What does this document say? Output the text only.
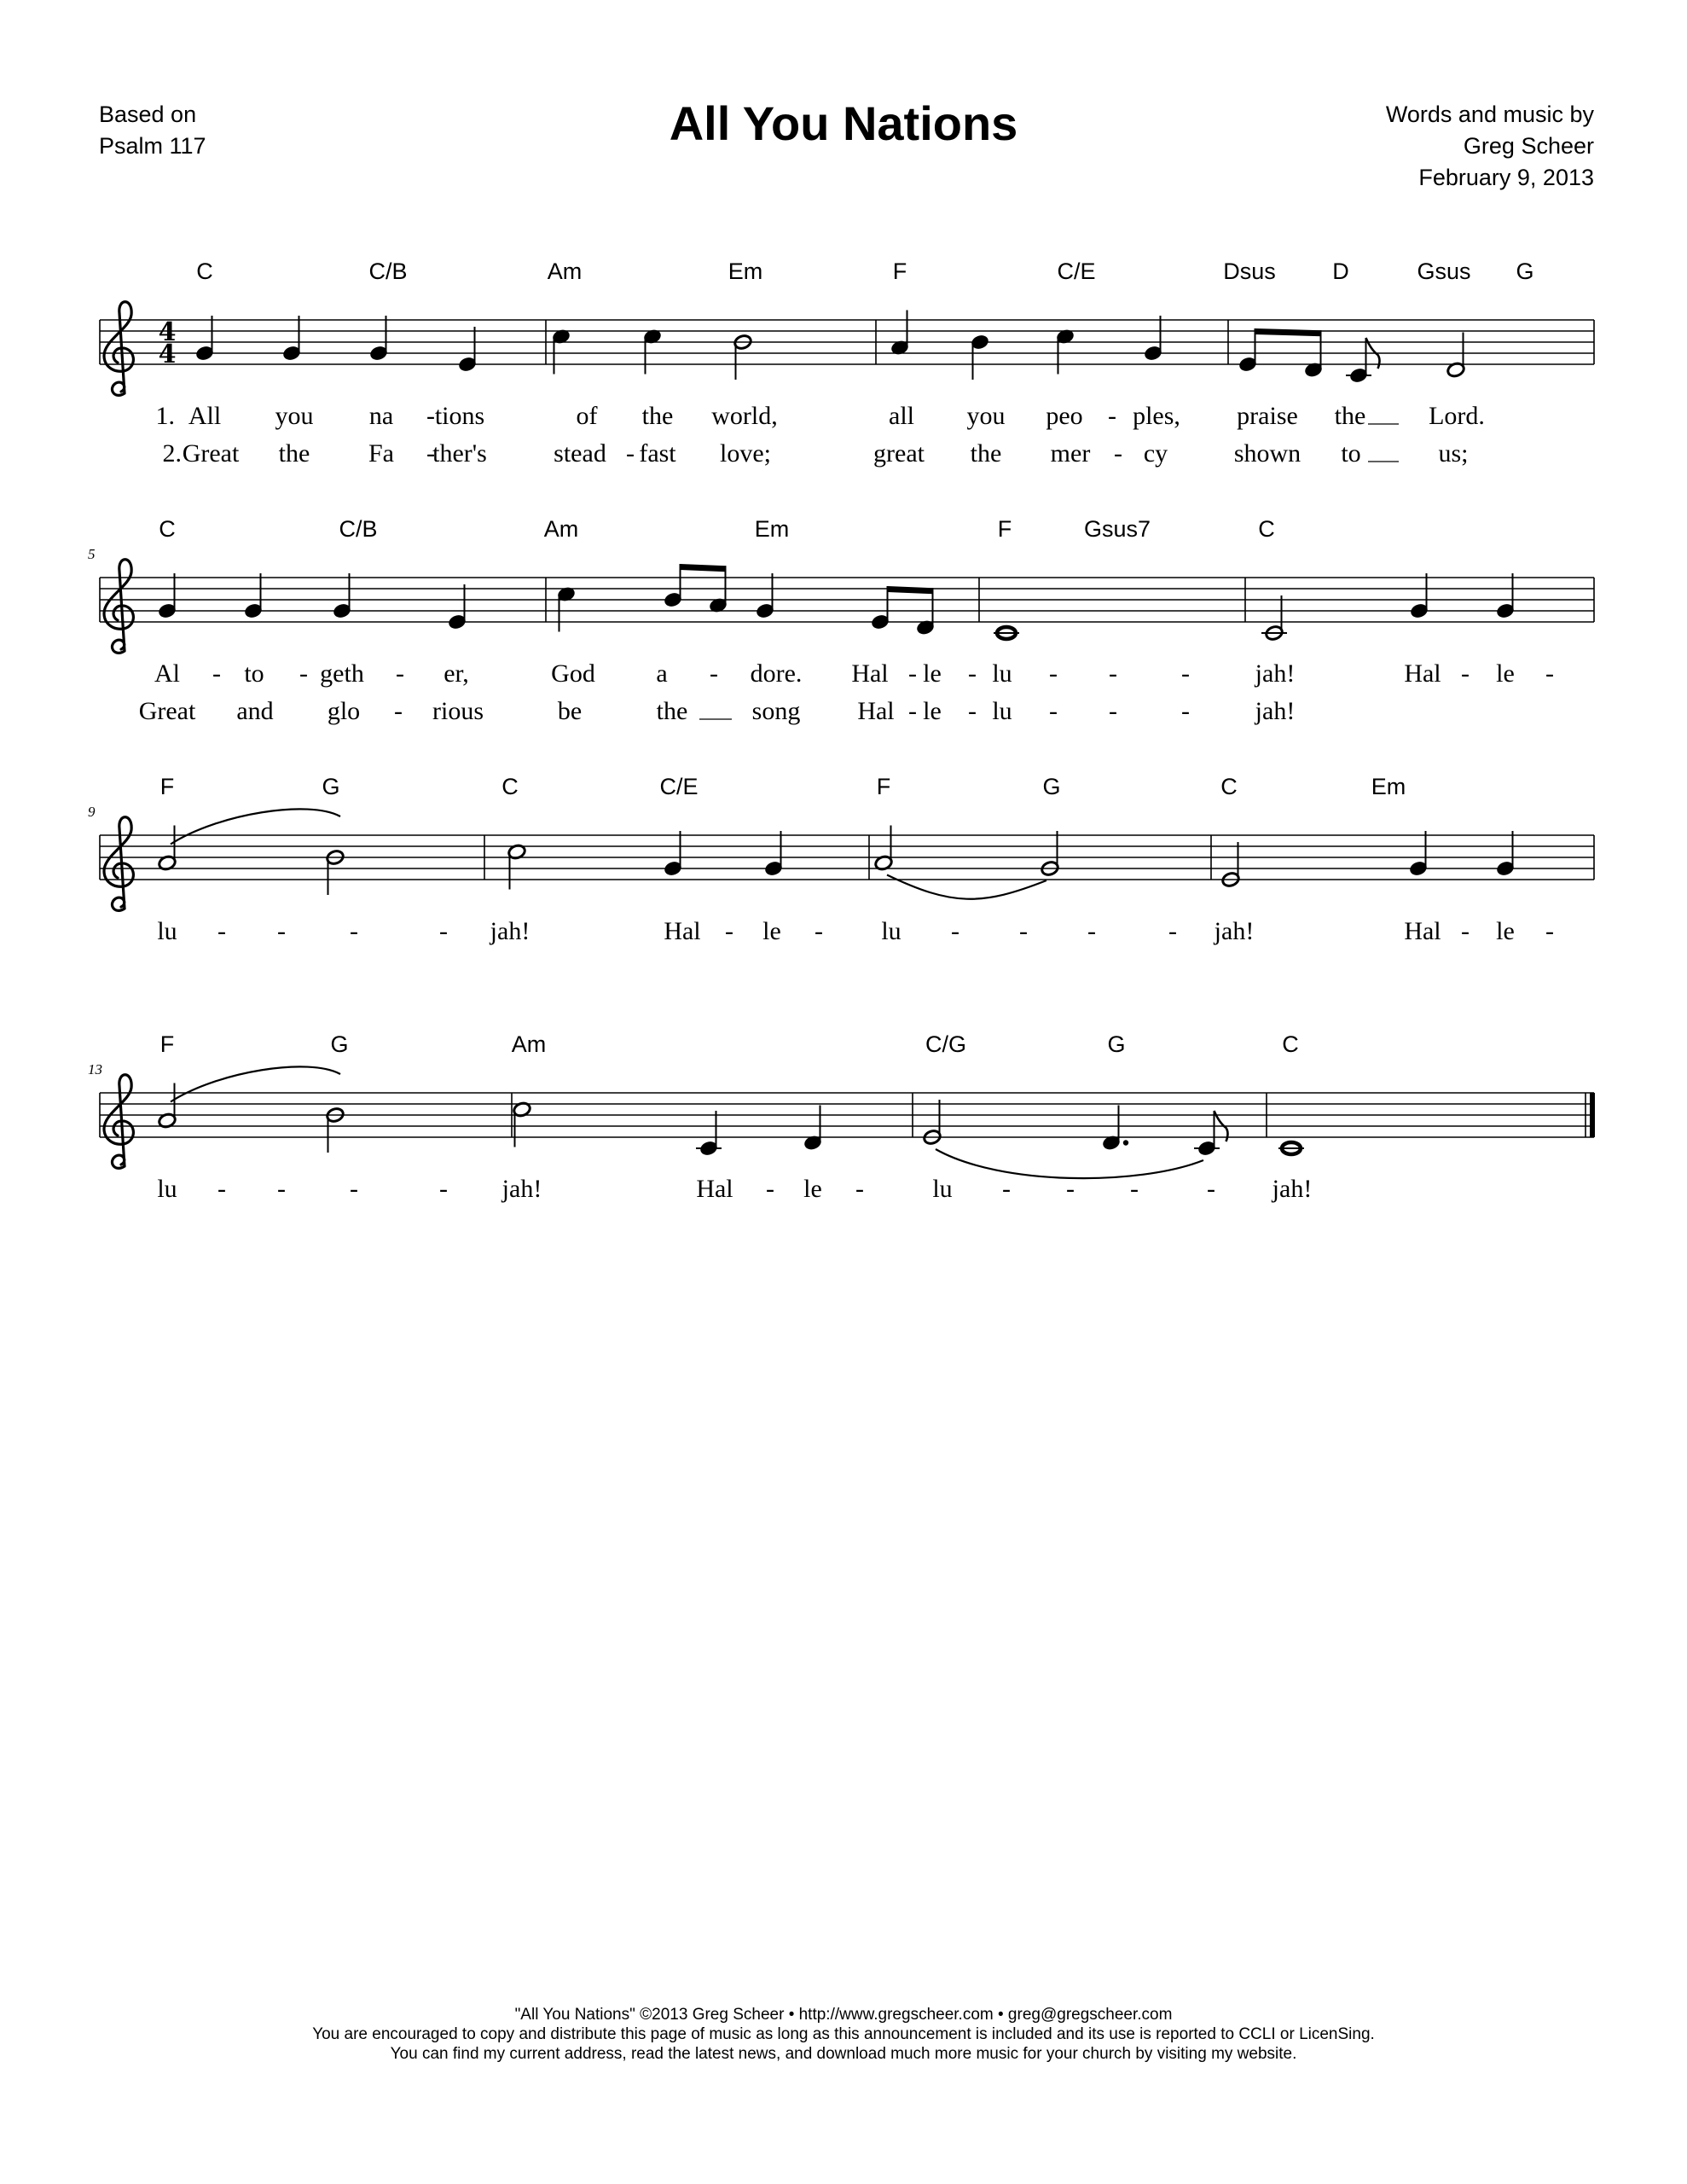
Based on
Psalm 117	All You Nations	Words and music by
Greg Scheer
February 9, 2013
4
4
C	C/B	Am	Em	F	C/E	Dsus D	Gsus G
1.
2.
All you na - tions	of the world,	all you peo - ples, praise the Lord.
Great the Fa -
ther's	stead - fast love;	great the mer - cy	shown to	us;
5
C	C/B	Am	Em	F	Gsus7	C
Al - to - geth - er,	God a - dore. Hal - le - lu - -	-	jah!	Hal - le -
Great and glo - rious	be	the	song Hal - le - lu - -	-	jah!
9
F	G	C	C/E	F	G	C	Em
lu - -	-	- jah!	Hal - le - lu - - -	- jah!	Hal - le -
13
F	G	Am	C/G	G	C
lu - -	-	- jah!	Hal - le -	lu - - -	- jah!
"All You Nations" ©2013 Greg Scheer • http://www.gregscheer.com • greg@gregscheer.com
You are encouraged to copy and distribute this page of music as long as this announcement is included and its use is reported to CCLI or LicenSing.
You can find my current address, read the latest news, and download much more music for your church by visiting my website.
